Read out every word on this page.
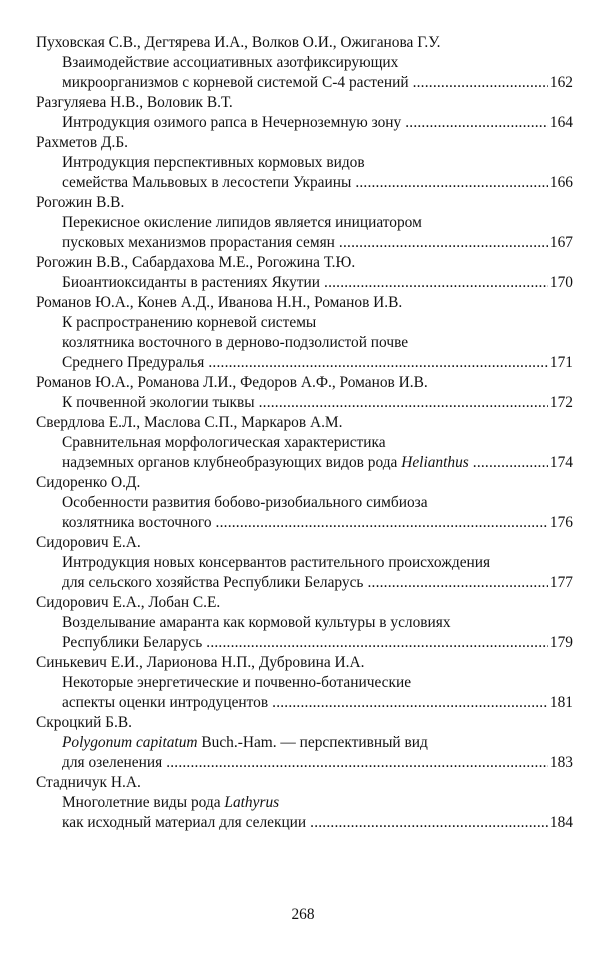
Пуховская С.В., Дегтярева И.А., Волков О.И., Ожиганова Г.У.
Взаимодействие ассоциативных азотфиксирующих
микроорганизмов с корневой системой С-4 растений .....	162
Разгуляева Н.В., Воловик В.Т.
Интродукция озимого рапса в Нечерноземную зону .....	164
Рахметов Д.Б.
Интродукция перспективных кормовых видов
семейства Мальвовых в лесостепи Украины .....	166
Рогожин В.В.
Перекисное окисление липидов является инициатором
пусковых механизмов прорастания семян .....	167
Рогожин В.В., Сабардахова М.Е., Рогожина Т.Ю.
Биоантиоксиданты в растениях Якутии .....	170
Романов Ю.А., Конев А.Д., Иванова Н.Н., Романов И.В.
К распространению корневой системы
козлятника восточного в дерново-подзолистой почве
Среднего Предуралья .....	171
Романов Ю.А., Романова Л.И., Федоров А.Ф., Романов И.В.
К почвенной экологии тыквы .....	172
Свердлова Е.Л., Маслова С.П., Маркаров А.М.
Сравнительная морфологическая характеристика
надземных органов клубнеобразующих видов рода Helianthus .....	174
Сидоренко О.Д.
Особенности развития бобово-ризобиального симбиоза
козлятника восточного .....	176
Сидорович Е.А.
Интродукция новых консервантов растительного происхождения
для сельского хозяйства Республики Беларусь .....	177
Сидорович Е.А., Лобан С.Е.
Возделывание амаранта как кормовой культуры в условиях
Республики Беларусь .....	179
Синькевич Е.И., Ларионова Н.П., Дубровина И.А.
Некоторые энергетические и почвенно-ботанические
аспекты оценки интродуцентов .....	181
Скроцкий Б.В.
Polygonum capitatum Buch.-Ham. — перспективный вид
для озеленения .....	183
Стадничук Н.А.
Многолетние виды рода Lathyrus
как исходный материал для селекции .....	184
268
